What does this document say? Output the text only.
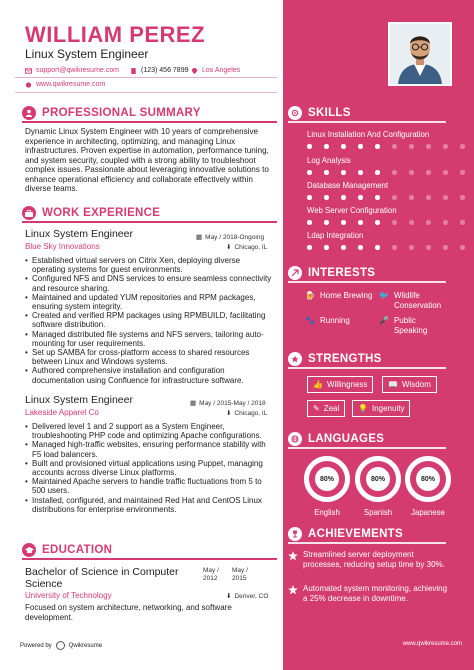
WILLIAM PEREZ
Linux System Engineer
support@qwikresume.com	(123) 456 7899 Los Angeles
www.qwikresume.com
PROFESSIONAL SUMMARY
Dynamic Linux System Engineer with 10 years of comprehensive experience in architecting, optimizing, and managing Linux infrastructures. Proven expertise in automation, performance tuning, and system security, coupled with a strong ability to troubleshoot complex issues. Passionate about leveraging innovative solutions to enhance operational efficiency and collaborate effectively within diverse teams.
WORK EXPERIENCE
Linux System Engineer
Blue Sky Innovations
▦ May / 2018-Ongoing
⬇ Chicago, IL
• Established virtual servers on Citrix Xen, deploying diverse operating systems for guest environments.
• Configured NFS and DNS services to ensure seamless connectivity and resource sharing.
• Maintained and updated YUM repositories and RPM packages, ensuring system integrity.
• Created and verified RPM packages using RPMBUILD, facilitating software distribution.
• Managed distributed file systems and NFS servers, tailoring auto-mounting for user requirements.
• Set up SAMBA for cross-platform access to shared resources between Linux and Windows systems.
• Authored comprehensive installation and configuration documentation using Confluence for infrastructure software.
Linux System Engineer
Lakeside Apparel Co
▦ May / 2015-May / 2018
⬇ Chicago, IL
• Delivered level 1 and 2 support as a System Engineer, troubleshooting PHP code and optimizing Apache configurations.
• Managed high-traffic websites, ensuring performance stability with F5 load balancers.
• Built and provisioned virtual applications using Puppet, managing accounts across diverse Linux platforms.
• Maintained Apache servers to handle traffic fluctuations from 5 to 500 users.
• Installed, configured, and maintained Red Hat and CentOS Linux distributions for enterprise environments.
EDUCATION
Bachelor of Science in Computer Science
May /
2012
May /
2015
⬇ Denver, CO
University of Technology
Focused on system architecture, networking, and software development.
Powered by	Qwikresume
SKILLS
Linux Installation And Configuration
Log Analysis
Database Management
Web Server Configuration
Ldap Integration
INTERESTS
🍺 Home Brewing 🐦 Wildlife Conservation
🐾 Running	🎤 Public Speaking
STRENGTHS
👍 Willingness	📖 Wisdom
✎ Zeal 💡 Ingenuity
LANGUAGES
80%
English
80%
Spanish
80%
Japanese
ACHIEVEMENTS
Streamlined server deployment processes, reducing setup time by 30%.
Automated system monitoring, achieving a 25% decrease in downtime.
www.qwikresume.com
